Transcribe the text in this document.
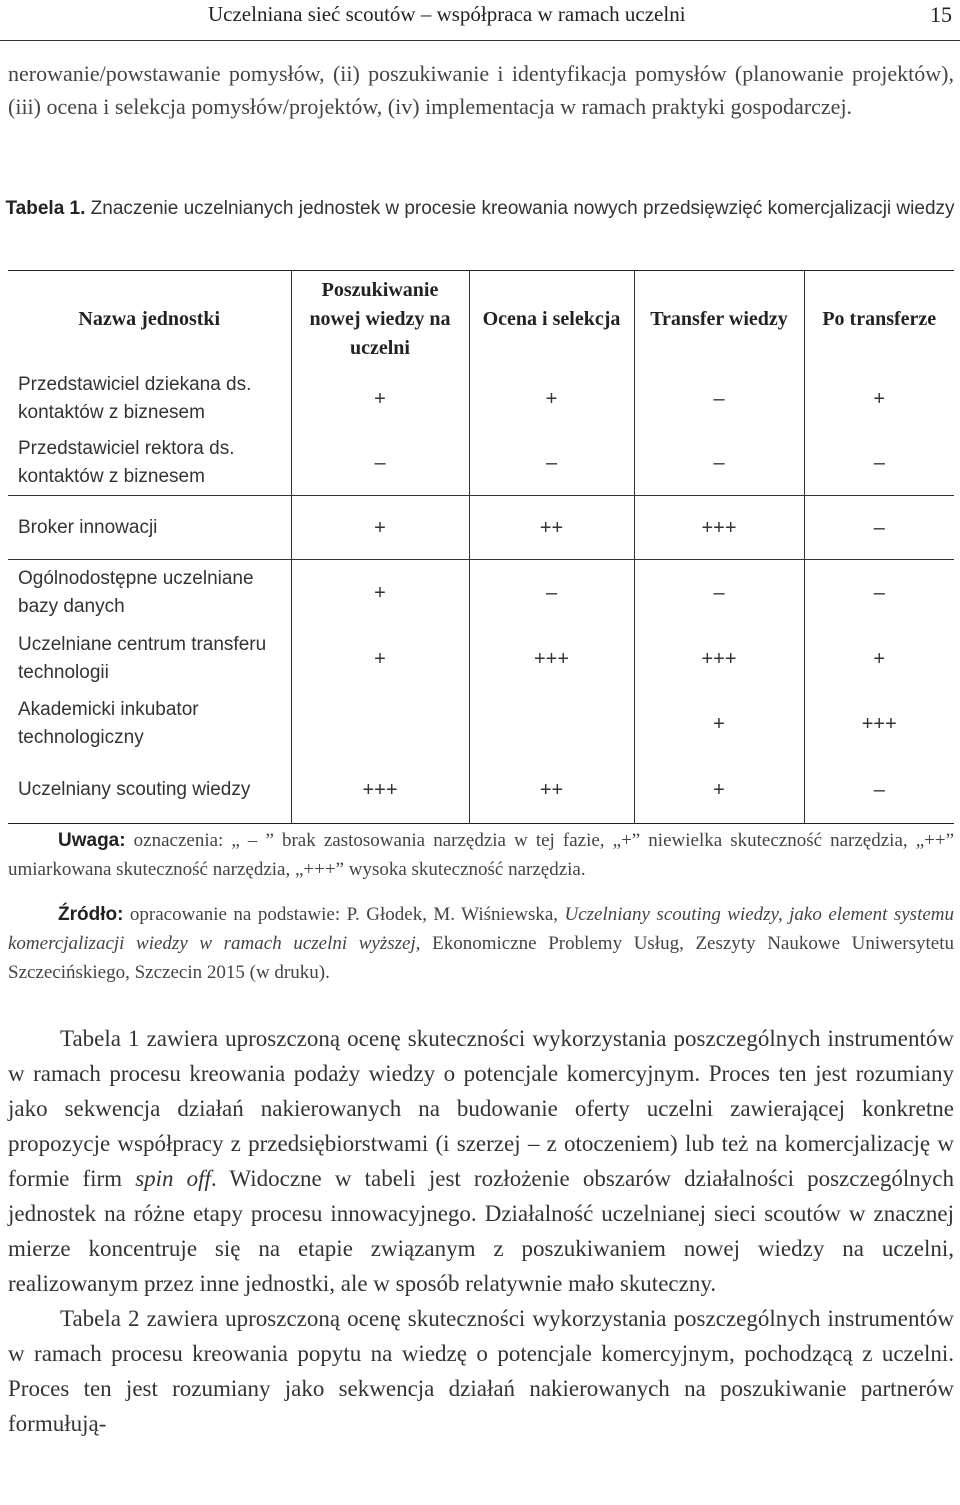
Uczelniana sieć scoutów – współpraca w ramach uczelni	15
nerowanie/powstawanie pomysłów, (ii) poszukiwanie i identyfikacja pomysłów (planowanie projektów), (iii) ocena i selekcja pomysłów/projektów, (iv) implementacja w ramach praktyki gospodarczej.
Tabela 1. Znaczenie uczelnianych jednostek w procesie kreowania nowych przedsięwzięć komercjalizacji wiedzy
Nazwa jednostki	Poszukiwanie nowej wiedzy na uczelni	Ocena i selekcja	Transfer wiedzy	Po transferze
Przedstawiciel dziekana ds. kontaktów z biznesem	+	+	–	+
Przedstawiciel rektora ds. kontaktów z biznesem	–	–	–	–
Broker innowacji	+	++	+++	–
Ogólnodostępne uczelniane bazy danych	+	–	–	–
Uczelniane centrum transferu technologii	+	+++	+++	+
Akademicki inkubator technologiczny			+	+++
Uczelniany scouting wiedzy	+++	++	+	–
Uwaga: oznaczenia: „ – ” brak zastosowania narzędzia w tej fazie, „+” niewielka skuteczność narzędzia, „++” umiarkowana skuteczność narzędzia, „+++” wysoka skuteczność narzędzia.
Źródło: opracowanie na podstawie: P. Głodek, M. Wiśniewska, Uczelniany scouting wiedzy, jako element systemu komercjalizacji wiedzy w ramach uczelni wyższej, Ekonomiczne Problemy Usług, Zeszyty Naukowe Uniwersytetu Szczecińskiego, Szczecin 2015 (w druku).

Tabela 1 zawiera uproszczoną ocenę skuteczności wykorzystania poszczególnych instrumentów w ramach procesu kreowania podaży wiedzy o potencjale komercyjnym. Proces ten jest rozumiany jako sekwencja działań nakierowanych na budowanie oferty uczelni zawierającej konkretne propozycje współpracy z przedsiębiorstwami (i szerzej – z otoczeniem) lub też na komercjalizację w formie firm spin off. Widoczne w tabeli jest rozłożenie obszarów działalności poszczególnych jednostek na różne etapy procesu innowacyjnego. Działalność uczelnianej sieci scoutów w znacznej mierze koncentruje się na etapie związanym z poszukiwaniem nowej wiedzy na uczelni, realizowanym przez inne jednostki, ale w sposób relatywnie mało skuteczny.

Tabela 2 zawiera uproszczoną ocenę skuteczności wykorzystania poszczególnych instrumentów w ramach procesu kreowania popytu na wiedzę o potencjale komercyjnym, pochodzącą z uczelni. Proces ten jest rozumiany jako sekwencja działań nakierowanych na poszukiwanie partnerów formułują-
